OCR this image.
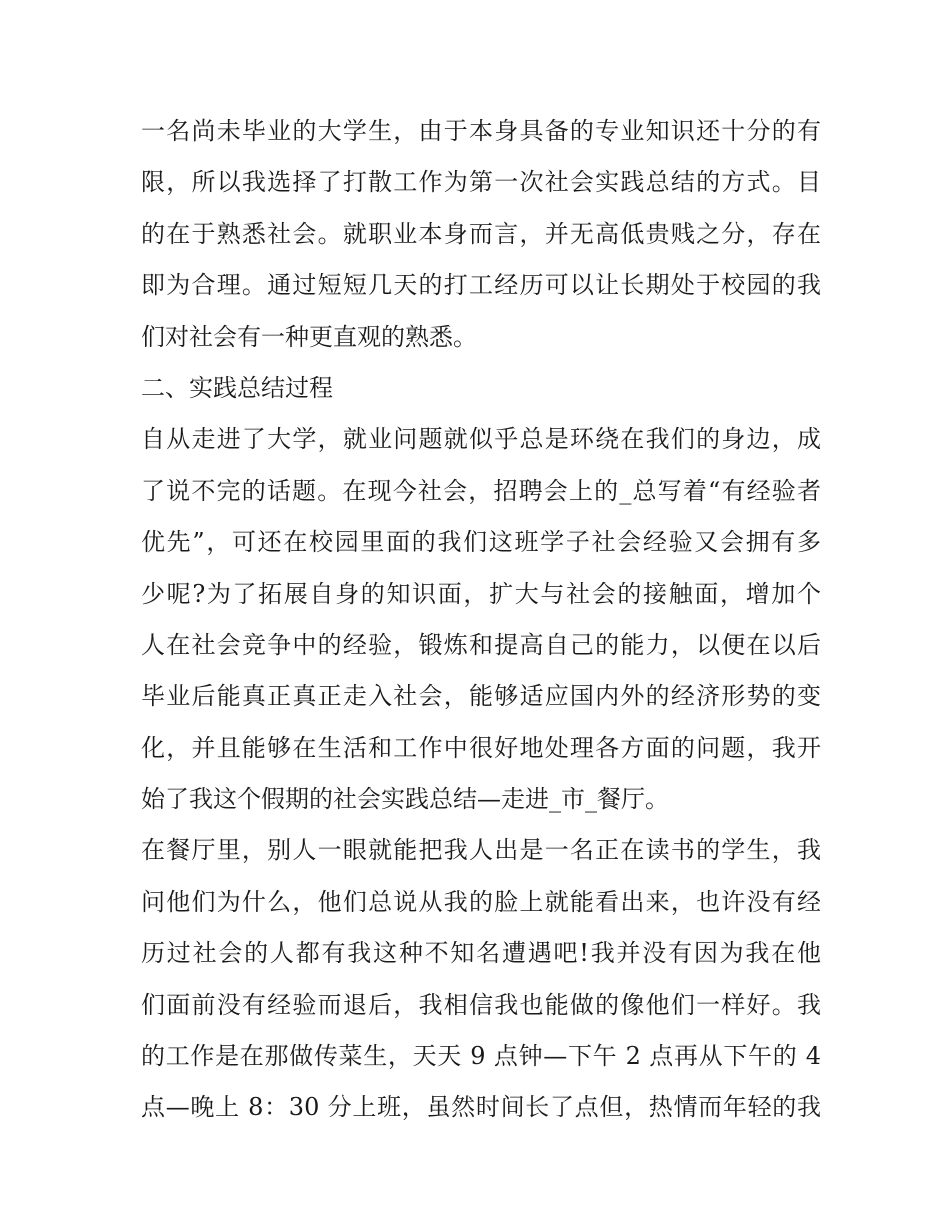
一名尚未毕业的大学生，由于本身具备的专业知识还十分的有
限，所以我选择了打散工作为第一次社会实践总结的方式。目
的在于熟悉社会。就职业本身而言，并无高低贵贱之分，存在
即为合理。通过短短几天的打工经历可以让长期处于校园的我
们对社会有一种更直观的熟悉。
二、实践总结过程
自从走进了大学，就业问题就似乎总是环绕在我们的身边，成
了说不完的话题。在现今社会，招聘会上的_总写着“有经验者
优先”，可还在校园里面的我们这班学子社会经验又会拥有多
少呢?为了拓展自身的知识面，扩大与社会的接触面，增加个
人在社会竞争中的经验，锻炼和提高自己的能力，以便在以后
毕业后能真正真正走入社会，能够适应国内外的经济形势的变
化，并且能够在生活和工作中很好地处理各方面的问题，我开
始了我这个假期的社会实践总结—走进_市_餐厅。
在餐厅里，别人一眼就能把我人出是一名正在读书的学生，我
问他们为什么，他们总说从我的脸上就能看出来，也许没有经
历过社会的人都有我这种不知名遭遇吧!我并没有因为我在他
们面前没有经验而退后，我相信我也能做的像他们一样好。我
的工作是在那做传菜生，天天 9 点钟—下午 2 点再从下午的 4
点—晚上 8：30 分上班，虽然时间长了点但，热情而年轻的我
